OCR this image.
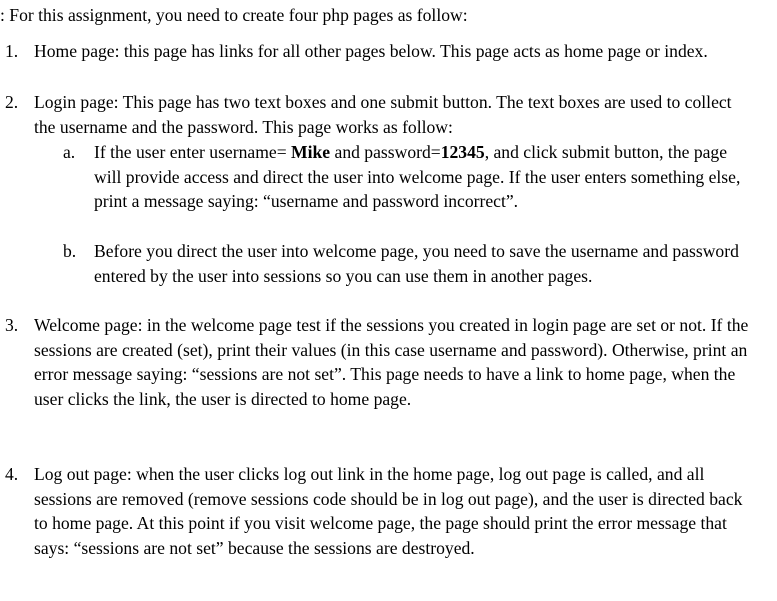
: For this assignment, you need to create four php pages as follow:
1. Home page: this page has links for all other pages below. This page acts as home page or index.
2. Login page: This page has two text boxes and one submit button. The text boxes are used to collect the username and the password. This page works as follow:
a. If the user enter username= Mike and password=12345, and click submit button, the page will provide access and direct the user into welcome page. If the user enters something else, print a message saying: “username and password incorrect”.
b. Before you direct the user into welcome page, you need to save the username and password entered by the user into sessions so you can use them in another pages.
3. Welcome page: in the welcome page test if the sessions you created in login page are set or not. If the sessions are created (set), print their values (in this case username and password). Otherwise, print an error message saying: “sessions are not set”. This page needs to have a link to home page, when the user clicks the link, the user is directed to home page.
4. Log out page: when the user clicks log out link in the home page, log out page is called, and all sessions are removed (remove sessions code should be in log out page), and the user is directed back to home page. At this point if you visit welcome page, the page should print the error message that says: “sessions are not set” because the sessions are destroyed.
